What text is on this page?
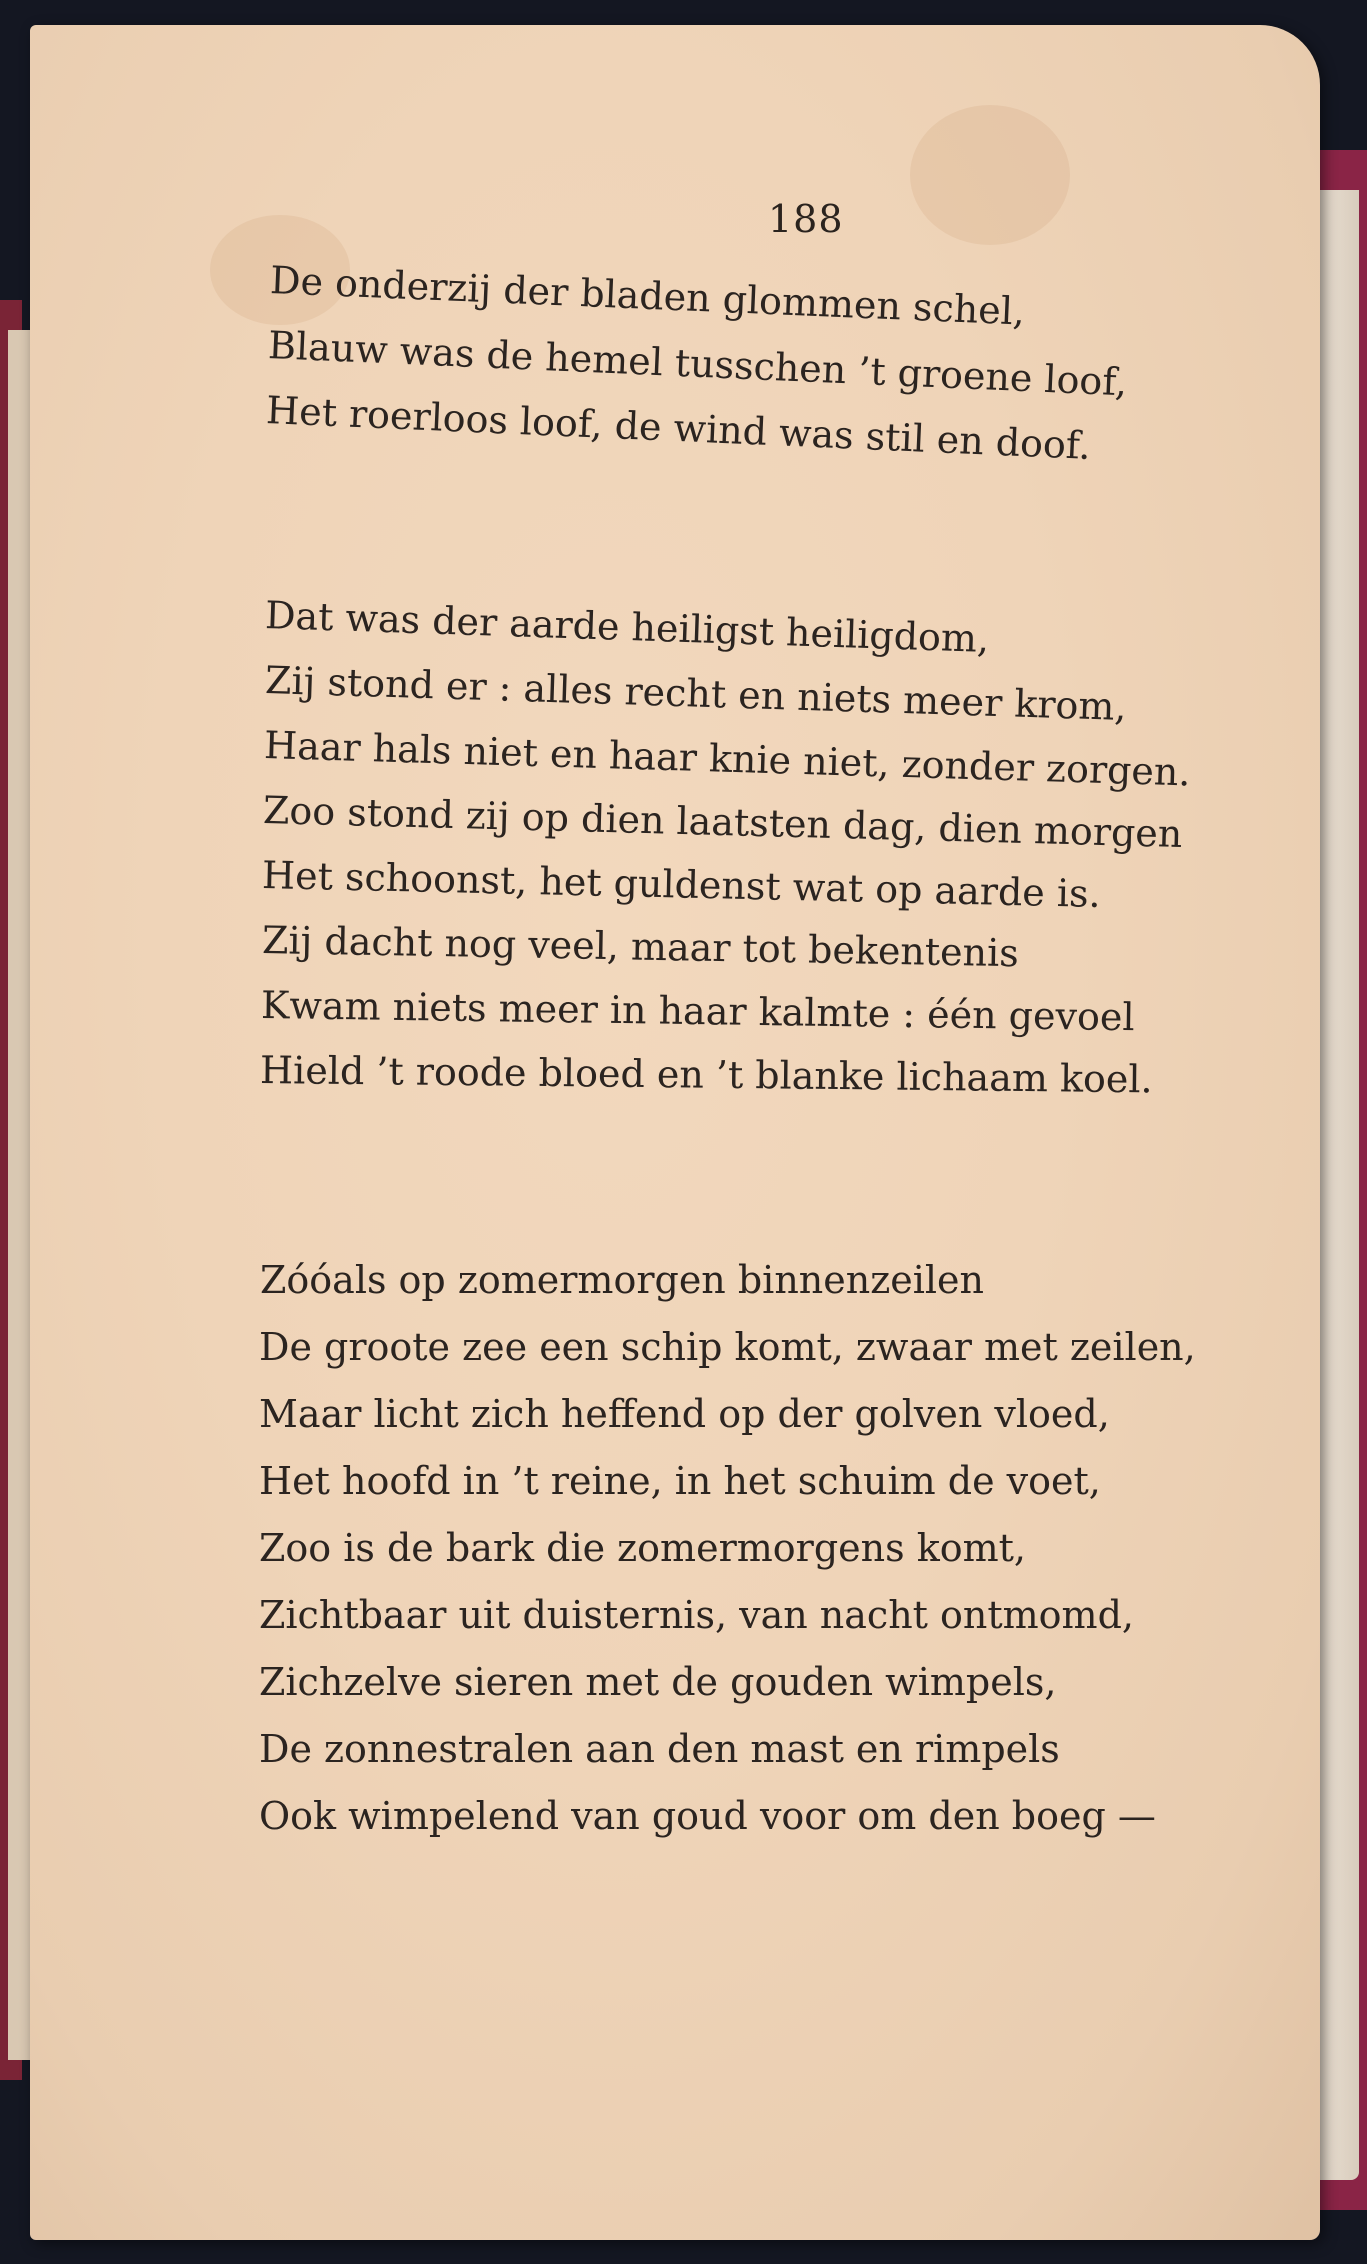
188
De onderzij der bladen glommen schel,
Blauw was de hemel tusschen ’t groene loof,
Het roerloos loof, de wind was stil en doof.
Dat was der aarde heiligst heiligdom,
Zij stond er : alles recht en niets meer krom,
Haar hals niet en haar knie niet, zonder zorgen.
Zoo stond zij op dien laatsten dag, dien morgen
Het schoonst, het guldenst wat op aarde is.
Zij dacht nog veel, maar tot bekentenis
Kwam niets meer in haar kalmte : één gevoel
Hield ’t roode bloed en ’t blanke lichaam koel.
Zóóals op zomermorgen binnenzeilen
De groote zee een schip komt, zwaar met zeilen,
Maar licht zich heffend op der golven vloed,
Het hoofd in ’t reine, in het schuim de voet,
Zoo is de bark die zomermorgens komt,
Zichtbaar uit duisternis, van nacht ontmomd,
Zichzelve sieren met de gouden wimpels,
De zonnestralen aan den mast en rimpels
Ook wimpelend van goud voor om den boeg —
